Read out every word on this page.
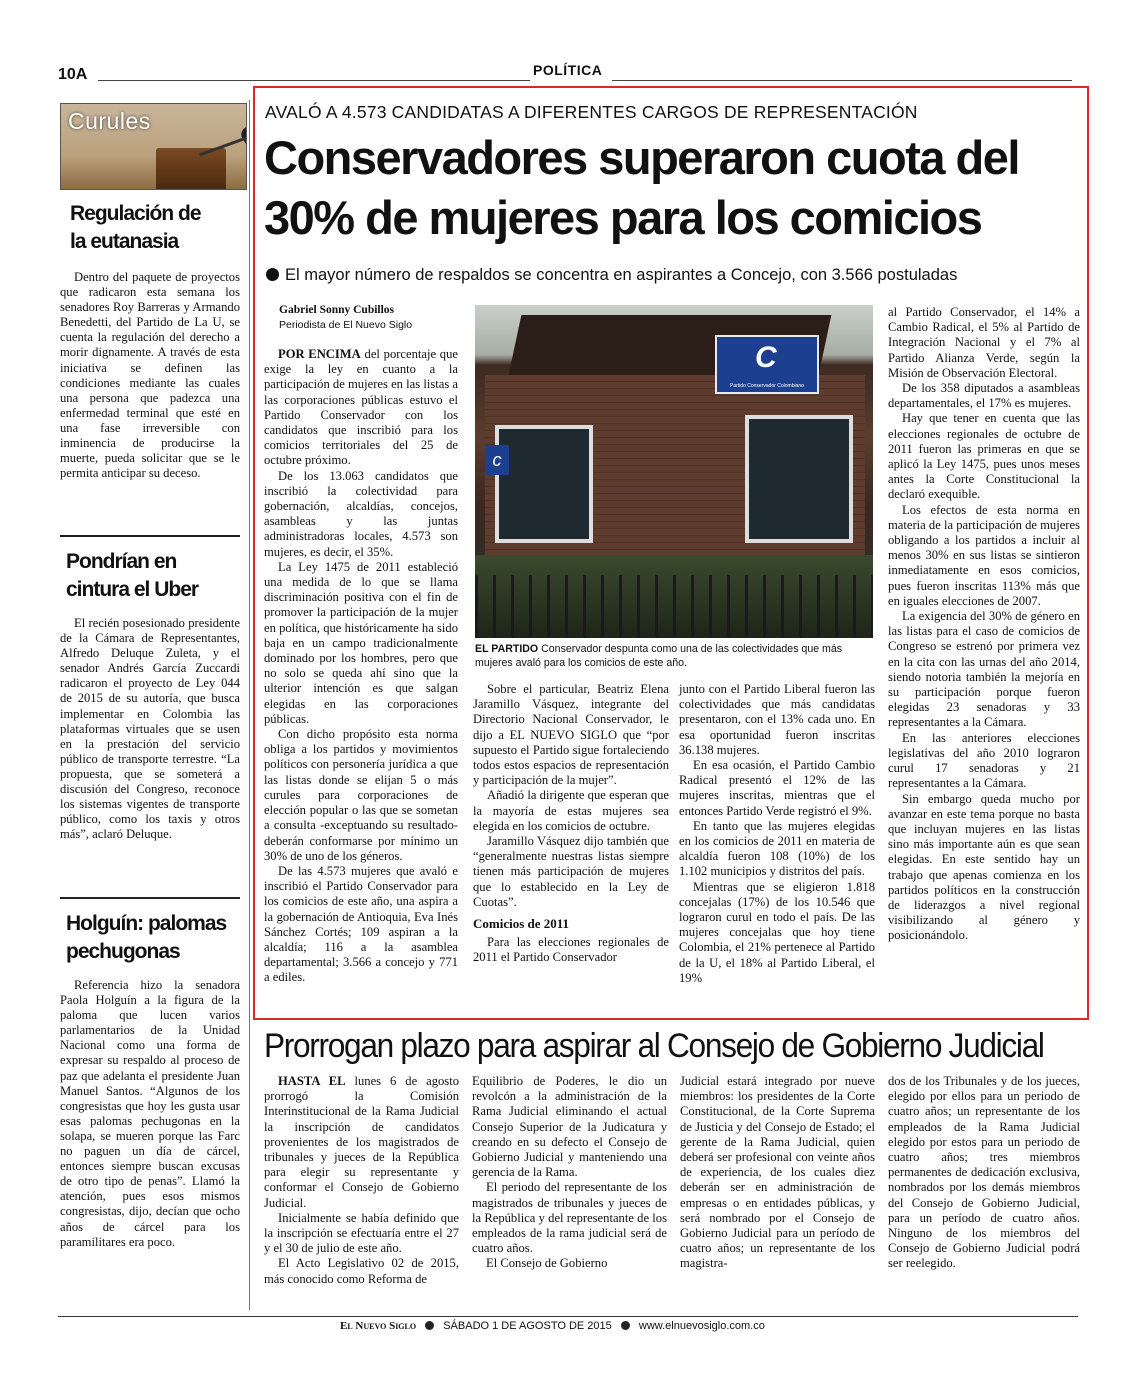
10A	POLÍTICA
Curules
Regulación de la eutanasia

Dentro del paquete de proyectos que radicaron esta semana los senadores Roy Barreras y Armando Benedetti, del Partido de La U, se cuenta la regulación del derecho a morir dignamente. A través de esta iniciativa se definen las condiciones mediante las cuales una persona que padezca una enfermedad terminal que esté en una fase irreversible con inminencia de producirse la muerte, pueda solicitar que se le permita anticipar su deceso.

Pondrían en cintura el Uber

El recién posesionado presidente de la Cámara de Representantes, Alfredo Deluque Zuleta, y el senador Andrés García Zuccardi radicaron el proyecto de Ley 044 de 2015 de su autoría, que busca implementar en Colombia las plataformas virtuales que se usen en la prestación del servicio público de transporte terrestre. “La propuesta, que se someterá a discusión del Congreso, reconoce los sistemas vigentes de transporte público, como los taxis y otros más”, aclaró Deluque.

Holguín: palomas pechugonas

Referencia hizo la senadora Paola Holguín a la figura de la paloma que lucen varios parlamentarios de la Unidad Nacional como una forma de expresar su respaldo al proceso de paz que adelanta el presidente Juan Manuel Santos. “Algunos de los congresistas que hoy les gusta usar esas palomas pechugonas en la solapa, se mueren porque las Farc no paguen un día de cárcel, entonces siempre buscan excusas de otro tipo de penas”. Llamó la atención, pues esos mismos congresistas, dijo, decían que ocho años de cárcel para los paramilitares era poco.

AVALÓ A 4.573 CANDIDATAS A DIFERENTES CARGOS DE REPRESENTACIÓN
Conservadores superaron cuota del
30% de mujeres para los comicios
El mayor número de respaldos se concentra en aspirantes a Concejo, con 3.566 postuladas
Gabriel Sonny Cubillos
Periodista de El Nuevo Siglo

POR ENCIMA del porcentaje que exige la ley en cuanto a la participación de mujeres en las listas a las corporaciones públicas estuvo el Partido Conservador con los candidatos que inscribió para los comicios territoriales del 25 de octubre próximo.

De los 13.063 candidatos que inscribió la colectividad para gobernación, alcaldías, concejos, asambleas y las juntas administradoras locales, 4.573 son mujeres, es decir, el 35%.

La Ley 1475 de 2011 estableció una medida de lo que se llama discriminación positiva con el fin de promover la participación de la mujer en política, que históricamente ha sido baja en un campo tradicionalmente dominado por los hombres, pero que no solo se queda ahí sino que la ulterior intención es que salgan elegidas en las corporaciones públicas.

Con dicho propósito esta norma obliga a los partidos y movimientos políticos con personería jurídica a que las listas donde se elijan 5 o más curules para corporaciones de elección popular o las que se sometan a consulta -exceptuando su resultado- deberán conformarse por mínimo un 30% de uno de los géneros.

De las 4.573 mujeres que avaló e inscribió el Partido Conservador para los comicios de este año, una aspira a la gobernación de Antioquia, Eva Inés Sánchez Cortés; 109 aspiran a la alcaldía; 116 a la asamblea departamental; 3.566 a concejo y 771 a ediles.

C
Partido Conservador Colombiano
c
EL PARTIDO Conservador despunta como una de las colectividades que más mujeres avaló para los comicios de este año.

Sobre el particular, Beatriz Elena Jaramillo Vásquez, integrante del Directorio Nacional Conservador, le dijo a EL NUEVO SIGLO que “por supuesto el Partido sigue fortaleciendo todos estos espacios de representación y participación de la mujer”.

Añadió la dirigente que esperan que la mayoría de estas mujeres sea elegida en los comicios de octubre.

Jaramillo Vásquez dijo también que “generalmente nuestras listas siempre tienen más participación de mujeres que lo establecido en la Ley de Cuotas”.

Comicios de 2011

Para las elecciones regionales de 2011 el Partido Conservador

junto con el Partido Liberal fueron las colectividades que más candidatas presentaron, con el 13% cada uno. En esa oportunidad fueron inscritas 36.138 mujeres.

En esa ocasión, el Partido Cambio Radical presentó el 12% de las mujeres inscritas, mientras que el entonces Partido Verde registró el 9%.

En tanto que las mujeres elegidas en los comicios de 2011 en materia de alcaldía fueron 108 (10%) de los 1.102 municipios y distritos del país.

Mientras que se eligieron 1.818 concejalas (17%) de los 10.546 que lograron curul en todo el país. De las mujeres concejalas que hoy tiene Colombia, el 21% pertenece al Partido de la U, el 18% al Partido Liberal, el 19%

al Partido Conservador, el 14% a Cambio Radical, el 5% al Partido de Integración Nacional y el 7% al Partido Alianza Verde, según la Misión de Observación Electoral.

De los 358 diputados a asambleas departamentales, el 17% es mujeres.

Hay que tener en cuenta que las elecciones regionales de octubre de 2011 fueron las primeras en que se aplicó la Ley 1475, pues unos meses antes la Corte Constitucional la declaró exequible.

Los efectos de esta norma en materia de la participación de mujeres obligando a los partidos a incluir al menos 30% en sus listas se sintieron inmediatamente en esos comicios, pues fueron inscritas 113% más que en iguales elecciones de 2007.

La exigencia del 30% de género en las listas para el caso de comicios de Congreso se estrenó por primera vez en la cita con las urnas del año 2014, siendo notoria también la mejoría en su participación porque fueron elegidas 23 senadoras y 33 representantes a la Cámara.

En las anteriores elecciones legislativas del año 2010 lograron curul 17 senadoras y 21 representantes a la Cámara.

Sin embargo queda mucho por avanzar en este tema porque no basta que incluyan mujeres en las listas sino más importante aún es que sean elegidas. En este sentido hay un trabajo que apenas comienza en los partidos políticos en la construcción de liderazgos a nivel regional visibilizando al género y posicionándolo.

Prorrogan plazo para aspirar al Consejo de Gobierno Judicial

HASTA EL lunes 6 de agosto prorrogó la Comisión Interinstitucional de la Rama Judicial la inscripción de candidatos provenientes de los magistrados de tribunales y jueces de la República para elegir su representante y conformar el Consejo de Gobierno Judicial.

Inicialmente se había definido que la inscripción se efectuaría entre el 27 y el 30 de julio de este año.

El Acto Legislativo 02 de 2015, más conocido como Reforma de

Equilibrio de Poderes, le dio un revolcón a la administración de la Rama Judicial eliminando el actual Consejo Superior de la Judicatura y creando en su defecto el Consejo de Gobierno Judicial y manteniendo una gerencia de la Rama.

El periodo del representante de los magistrados de tribunales y jueces de la República y del representante de los empleados de la rama judicial será de cuatro años.

El Consejo de Gobierno

Judicial estará integrado por nueve miembros: los presidentes de la Corte Constitucional, de la Corte Suprema de Justicia y del Consejo de Estado; el gerente de la Rama Judicial, quien deberá ser profesional con veinte años de experiencia, de los cuales diez deberán ser en administración de empresas o en entidades públicas, y será nombrado por el Consejo de Gobierno Judicial para un período de cuatro años; un representante de los magistra-

dos de los Tribunales y de los jueces, elegido por ellos para un periodo de cuatro años; un representante de los empleados de la Rama Judicial elegido por estos para un periodo de cuatro años; tres miembros permanentes de dedicación exclusiva, nombrados por los demás miembros del Consejo de Gobierno Judicial, para un período de cuatro años. Ninguno de los miembros del Consejo de Gobierno Judicial podrá ser reelegido.

El Nuevo Siglo SÁBADO 1 DE AGOSTO DE 2015 www.elnuevosiglo.com.co
